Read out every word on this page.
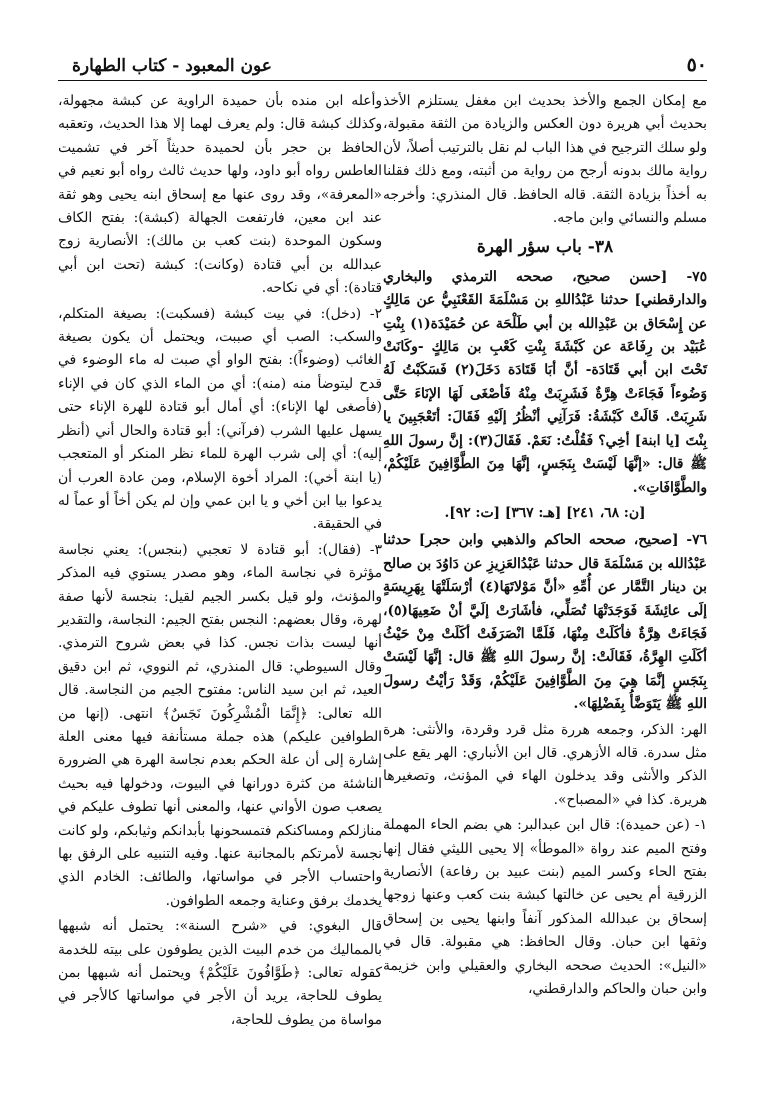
٥٠
عون المعبود - كتاب الطهارة

مع إمكان الجمع والأخذ بحديث ابن مغفل يستلزم الأخذ بحديث أبي هريرة دون العكس والزيادة من الثقة مقبولة، ولو سلك الترجيح في هذا الباب لم نقل بالترتيب أصلاً، لأن رواية مالك بدونه أرجح من رواية من أثبته، ومع ذلك فقلنا به أخذاً بزيادة الثقة. قاله الحافظ. قال المنذري: وأخرجه مسلم والنسائي وابن ماجه.

٣٨- باب سؤر الهرة

٧٥- [حسن صحيح، صححه الترمذي والبخاري والدارقطني] حدثنا عَبْدُاللهِ بن مَسْلَمَةَ القَعْنَبِيُّ عن مَالِكٍ عن إِسْحَاق بن عَبْدِالله بن أبي طَلْحَة عن حُمَيْدَة(١) بِنْتِ عُبَيْد بن رِفَاعَة عن كَبْشَةَ بِنْتِ كَعْبِ بن مَالِكٍ -وكَانَتْ تَحْتَ ابن أبي قَتَادَة- أنَّ أبَا قَتَادَة دَخَلَ(٢) فَسَكَبْتُ لَهُ وَضُوءاً فَجَاءَتْ هِرَّةٌ فَشَرِبَتْ مِنْهُ فَأصْغَى لَهَا الإنَاءَ حَتَّى شَرِبَتْ. قَالَتْ كَبْشَةُ: فَرَآنِي أنْظُرُ إلَيْهِ فَقَالَ: أتَعْجَبِينَ يا بِنْتَ [يا ابنة] أخِي؟ فَقُلْتُ: نَعَمْ. فَقَالَ(٣): إنَّ رسولَ اللهِ ﷺ قال: «إنَّهَا لَيْسَتْ بِنَجَسٍ، إنَّهَا مِنَ الطَّوَّافِينَ عَلَيْكُمْ، والطَّوَّافَاتِ».

[ن: ٦٨، ٢٤١] [هـ: ٣٦٧] [ت: ٩٢].

٧٦- [صحيح، صححه الحاكم والذهبي وابن حجر] حدثنا عَبْدُالله بن مَسْلَمَةَ قال حدثنا عَبْدُالعَزِيزِ عن دَاوُدَ بن صالح بن دينار التَّمَّار عن أُمِّهِ «أنَّ مَوْلاتَهَا(٤) أرْسَلَتْهَا بِهَرِيسَةٍ إلَى عائِشَةَ فَوَجَدَتْهَا تُصَلِّي، فأشَارَتْ إلَيَّ أنْ ضَعِيهَا(٥)، فَجَاءَتْ هِرَّةٌ فأكَلَتْ مِنْهَا، فَلَمَّا انْصَرَفَتْ أكَلَتْ مِنْ حَيْثُ أكَلَتِ الهِرَّةُ، فَقَالَتْ: إنَّ رسولَ اللهِ ﷺ قال: إنَّهَا لَيْسَتْ بِنَجَسٍ إنَّمَا هِيَ مِنَ الطَّوَّافِينَ عَلَيْكُمْ، وَقَدْ رَأيْتُ رسولَ اللهِ ﷺ يَتَوَضَّأُ بِفَضْلِهَا».

الهر: الذكر، وجمعه هررة مثل قرد وقردة، والأنثى: هرة مثل سدرة. قاله الأزهري. قال ابن الأنباري: الهر يقع على الذكر والأنثى وقد يدخلون الهاء في المؤنث، وتصغيرها هريرة. كذا في «المصباح».

١- (عن حميدة): قال ابن عبدالبر: هي بضم الحاء المهملة وفتح الميم عند رواة «الموطأ» إلا يحيى الليثي فقال إنها بفتح الحاء وكسر الميم (بنت عبيد بن رفاعة) الأنصارية الزرقية أم يحيى عن خالتها كبشة بنت كعب وعنها زوجها إسحاق بن عبدالله المذكور آنفاً وابنها يحيى بن إسحاق وثقها ابن حبان. وقال الحافظ: هي مقبولة. قال في «النيل»: الحديث صححه البخاري والعقيلي وابن خزيمة وابن حبان والحاكم والدارقطني،

وأعله ابن منده بأن حميدة الراوية عن كبشة مجهولة، وكذلك كبشة قال: ولم يعرف لهما إلا هذا الحديث، وتعقبه الحافظ بن حجر بأن لحميدة حديثاً آخر في تشميت العاطس رواه أبو داود، ولها حديث ثالث رواه أبو نعيم في «المعرفة»، وقد روى عنها مع إسحاق ابنه يحيى وهو ثقة عند ابن معين، فارتفعت الجهالة (كبشة): بفتح الكاف وسكون الموحدة (بنت كعب بن مالك): الأنصارية زوج عبدالله بن أبي قتادة (وكانت): كبشة (تحت ابن أبي قتادة): أي في نكاحه.

٢- (دخل): في بيت كبشة (فسكبت): بصيغة المتكلم، والسكب: الصب أي صببت، ويحتمل أن يكون بصيغة الغائب (وضوءاً): بفتح الواو أي صبت له ماء الوضوء في قدح ليتوضأ منه (منه): أي من الماء الذي كان في الإناء (فأصغى لها الإناء): أي أمال أبو قتادة للهرة الإناء حتى يسهل عليها الشرب (فرآني): أبو قتادة والحال أني (أنظر إليه): أي إلى شرب الهرة للماء نظر المنكر أو المتعجب (يا ابنة أخي): المراد أخوة الإسلام، ومن عادة العرب أن يدعوا بيا ابن أخي و يا ابن عمي وإن لم يكن أخاً أو عماً له في الحقيقة.

٣- (فقال): أبو قتادة لا تعجبي (بنجس): يعني نجاسة مؤثرة في نجاسة الماء، وهو مصدر يستوي فيه المذكر والمؤنث، ولو قيل بكسر الجيم لقيل: بنجسة لأنها صفة لهرة، وقال بعضهم: النجس بفتح الجيم: النجاسة، والتقدير أنها ليست بذات نجس. كذا في بعض شروح الترمذي. وقال السيوطي: قال المنذري، ثم النووي، ثم ابن دقيق العيد، ثم ابن سيد الناس: مفتوح الجيم من النجاسة. قال الله تعالى: ﴿إِنَّمَا الْمُشْرِكُونَ نَجَسٌ﴾ انتهى. (إنها من الطوافين عليكم) هذه جملة مستأنفة فيها معنى العلة إشارة إلى أن علة الحكم بعدم نجاسة الهرة هي الضرورة الناشئة من كثرة دورانها في البيوت، ودخولها فيه بحيث يصعب صون الأواني عنها، والمعنى أنها تطوف عليكم في منازلكم ومساكنكم فتمسحونها بأبدانكم وثيابكم، ولو كانت نجسة لأمرتكم بالمجانبة عنها. وفيه التنبيه على الرفق بها واحتساب الأجر في مواساتها، والطائف: الخادم الذي يخدمك برفق وعناية وجمعه الطوافون.

قال البغوي: في «شرح السنة»: يحتمل أنه شبهها بالمماليك من خدم البيت الذين يطوفون على بيته للخدمة كقوله تعالى: ﴿طَوَّافُونَ عَلَيْكُمْ﴾ ويحتمل أنه شبهها بمن يطوف للحاجة، يريد أن الأجر في مواساتها كالأجر في مواساة من يطوف للحاجة،
